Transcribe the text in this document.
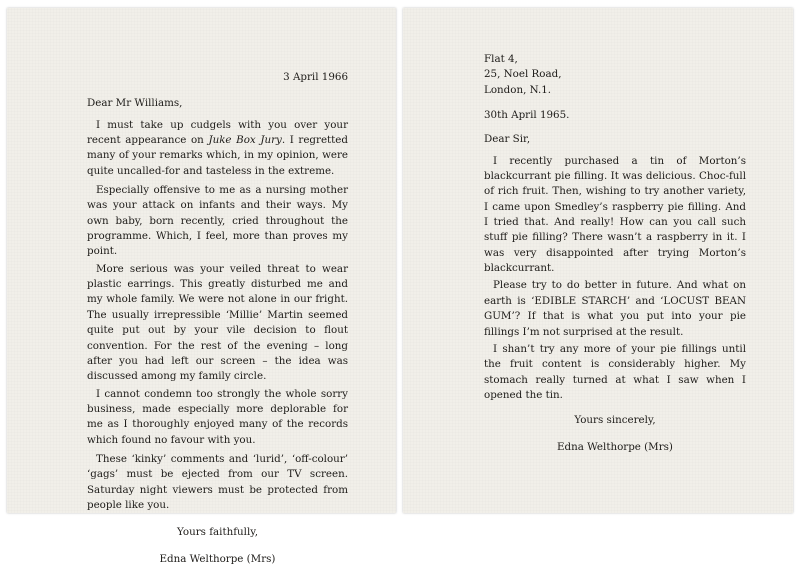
3 April 1966
Dear Mr Williams,

I must take up cudgels with you over your recent appearance on Juke Box Jury. I regretted many of your remarks which, in my opinion, were quite uncalled-for and tasteless in the extreme.

Especially offensive to me as a nursing mother was your attack on infants and their ways. My own baby, born recently, cried throughout the programme. Which, I feel, more than proves my point.

More serious was your veiled threat to wear plastic earrings. This greatly disturbed me and my whole family. We were not alone in our fright. The usually irrepressible ‘Millie’ Martin seemed quite put out by your vile decision to flout convention. For the rest of the evening – long after you had left our screen – the idea was discussed among my family circle.

I cannot condemn too strongly the whole sorry business, made especially more deplorable for me as I thoroughly enjoyed many of the records which found no favour with you.

These ‘kinky’ comments and ‘lurid’, ‘off-colour’ ‘gags’ must be ejected from our TV screen. Saturday night viewers must be protected from people like you.

Yours faithfully,
Edna Welthorpe (Mrs)
Flat 4,
25, Noel Road,
London, N.1.
30th April 1965.
Dear Sir,

I recently purchased a tin of Morton’s blackcurrant pie filling. It was delicious. Choc-full of rich fruit. Then, wishing to try another variety, I came upon Smedley’s raspberry pie filling. And I tried that. And really! How can you call such stuff pie filling? There wasn’t a raspberry in it. I was very disappointed after trying Morton’s blackcurrant.

Please try to do better in future. And what on earth is ‘EDIBLE STARCH’ and ‘LOCUST BEAN GUM’? If that is what you put into your pie fillings I’m not surprised at the result.

I shan’t try any more of your pie fillings until the fruit content is considerably higher. My stomach really turned at what I saw when I opened the tin.

Yours sincerely,
Edna Welthorpe (Mrs)
